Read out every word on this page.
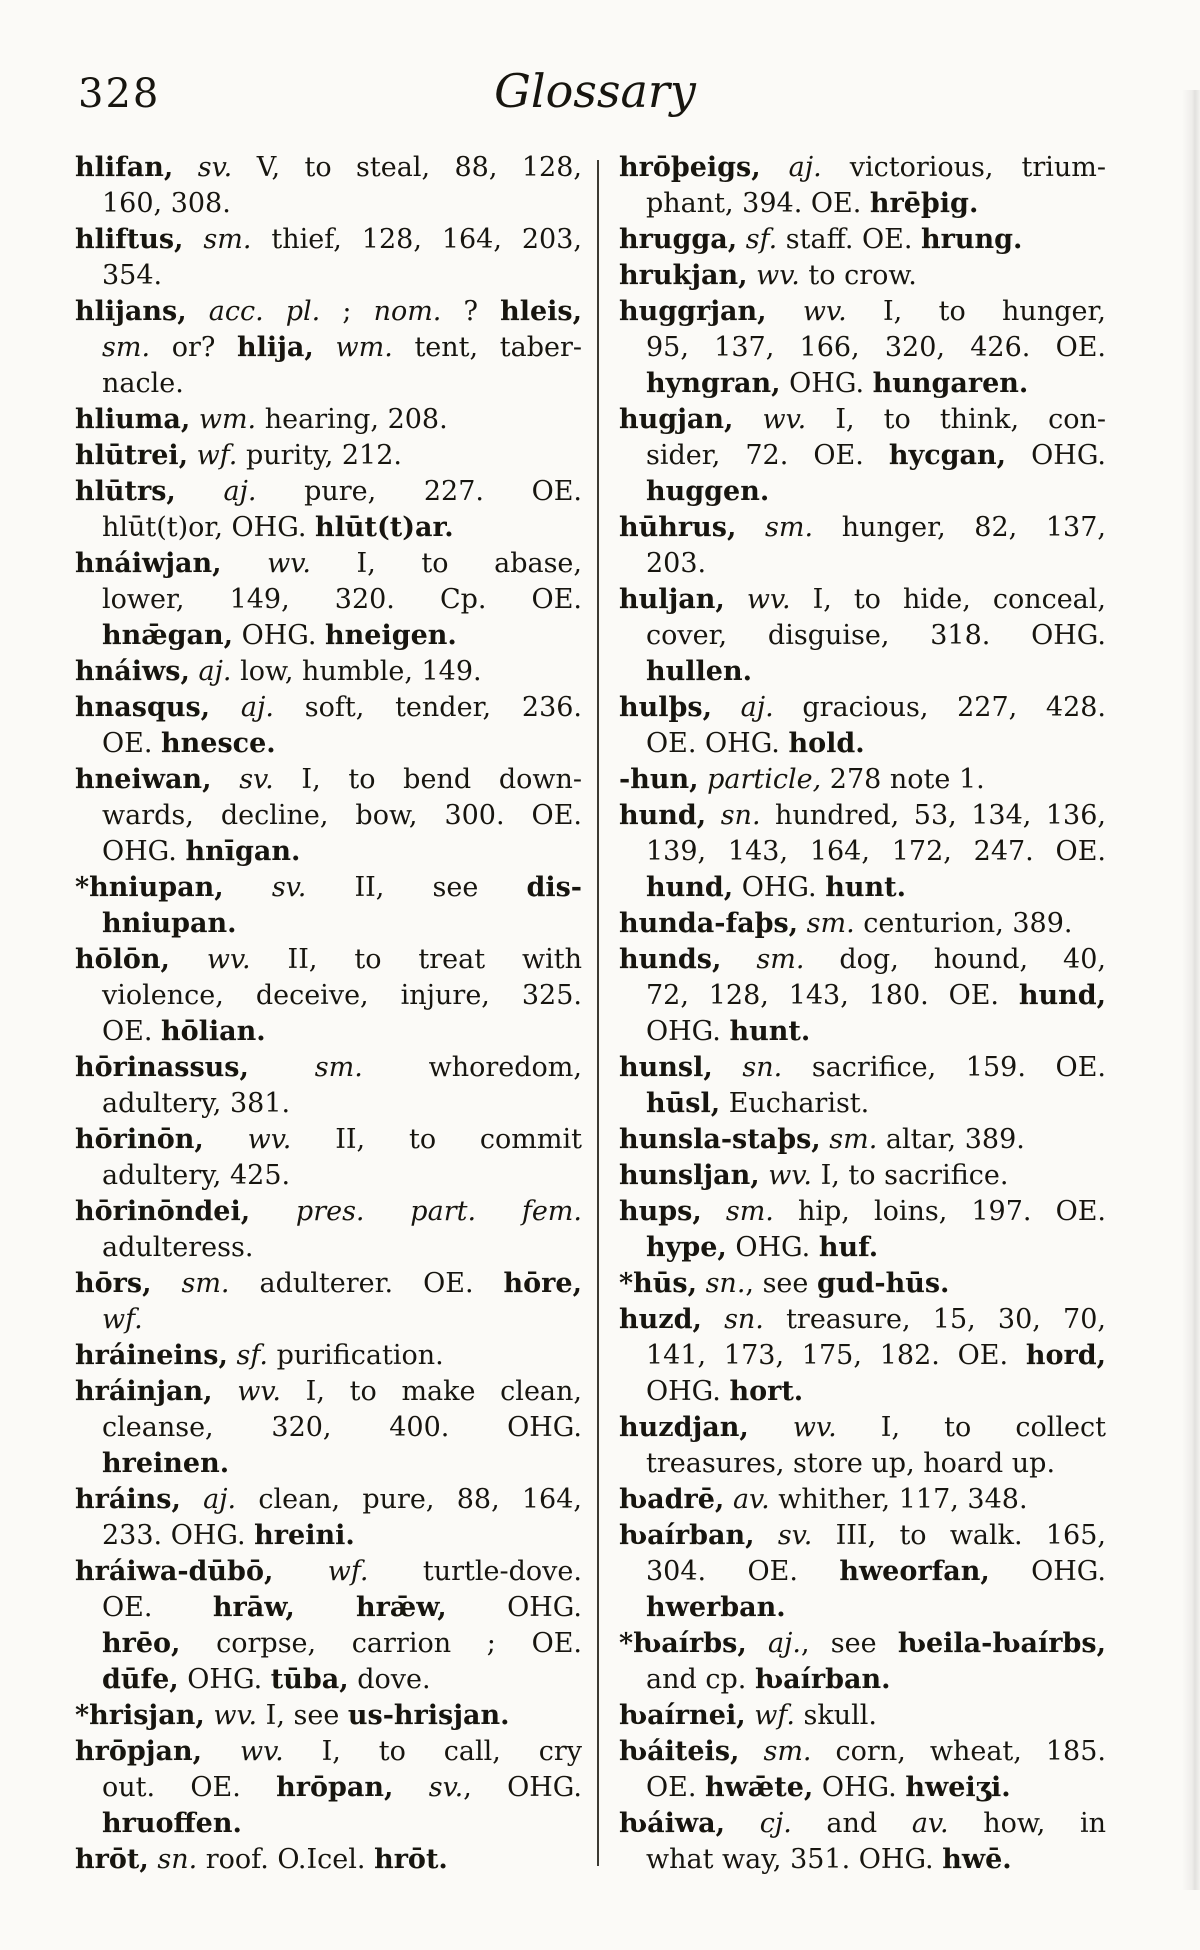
328	Glossary
hlifan, sv. V, to steal, 88, 128,
160, 308.
hliftus, sm. thief, 128, 164, 203,
354.
hlijans, acc. pl. ; nom. ? hleis,
sm. or? hlija, wm. tent, taber-
nacle.
hliuma, wm. hearing, 208.
hlūtrei, wf. purity, 212.
hlūtrs, aj. pure, 227. OE.
hlūt(t)or, OHG. hlūt(t)ar.
hnáiwjan, wv. I, to abase,
lower, 149, 320. Cp. OE.
hnǣgan, OHG. hneigen.
hnáiws, aj. low, humble, 149.
hnasqus, aj. soft, tender, 236.
OE. hnesce.
hneiwan, sv. I, to bend down-
wards, decline, bow, 300. OE.
OHG. hnīgan.
*hniupan, sv. II, see dis-
hniupan.
hōlōn, wv. II, to treat with
violence, deceive, injure, 325.
OE. hōlian.
hōrinassus, sm. whoredom,
adultery, 381.
hōrinōn, wv. II, to commit
adultery, 425.
hōrinōndei, pres. part. fem.
adulteress.
hōrs, sm. adulterer. OE. hōre,
wf.
hráineins, sf. purification.
hráinjan, wv. I, to make clean,
cleanse, 320, 400. OHG.
hreinen.
hráins, aj. clean, pure, 88, 164,
233. OHG. hreini.
hráiwa-dūbō, wf. turtle-dove.
OE. hrāw, hrǣw, OHG.
hrēo, corpse, carrion ; OE.
dūfe, OHG. tūba, dove.
*hrisjan, wv. I, see us-hrisjan.
hrōpjan, wv. I, to call, cry
out. OE. hrōpan, sv., OHG.
hruoffen.
hrōt, sn. roof. O.Icel. hrōt.
hrōþeigs, aj. victorious, trium-
phant, 394. OE. hrēþig.
hrugga, sf. staff. OE. hrung.
hrukjan, wv. to crow.
huggrjan, wv. I, to hunger,
95, 137, 166, 320, 426. OE.
hyngran, OHG. hungaren.
hugjan, wv. I, to think, con-
sider, 72. OE. hycgan, OHG.
huggen.
hūhrus, sm. hunger, 82, 137,
203.
huljan, wv. I, to hide, conceal,
cover, disguise, 318. OHG.
hullen.
hulþs, aj. gracious, 227, 428.
OE. OHG. hold.
-hun, particle, 278 note 1.
hund, sn. hundred, 53, 134, 136,
139, 143, 164, 172, 247. OE.
hund, OHG. hunt.
hunda-faþs, sm. centurion, 389.
hunds, sm. dog, hound, 40,
72, 128, 143, 180. OE. hund,
OHG. hunt.
hunsl, sn. sacrifice, 159. OE.
hūsl, Eucharist.
hunsla-staþs, sm. altar, 389.
hunsljan, wv. I, to sacrifice.
hups, sm. hip, loins, 197. OE.
hype, OHG. huf.
*hūs, sn., see gud-hūs.
huzd, sn. treasure, 15, 30, 70,
141, 173, 175, 182. OE. hord,
OHG. hort.
huzdjan, wv. I, to collect
treasures, store up, hoard up.
ƕadrē, av. whither, 117, 348.
ƕaírban, sv. III, to walk. 165,
304. OE. hweorfan, OHG.
hwerban.
*ƕaírbs, aj., see ƕeila-ƕaírbs,
and cp. ƕaírban.
ƕaírnei, wf. skull.
ƕáiteis, sm. corn, wheat, 185.
OE. hwǣte, OHG. hweiʒi.
ƕáiwa, cj. and av. how, in
what way, 351. OHG. hwē.
